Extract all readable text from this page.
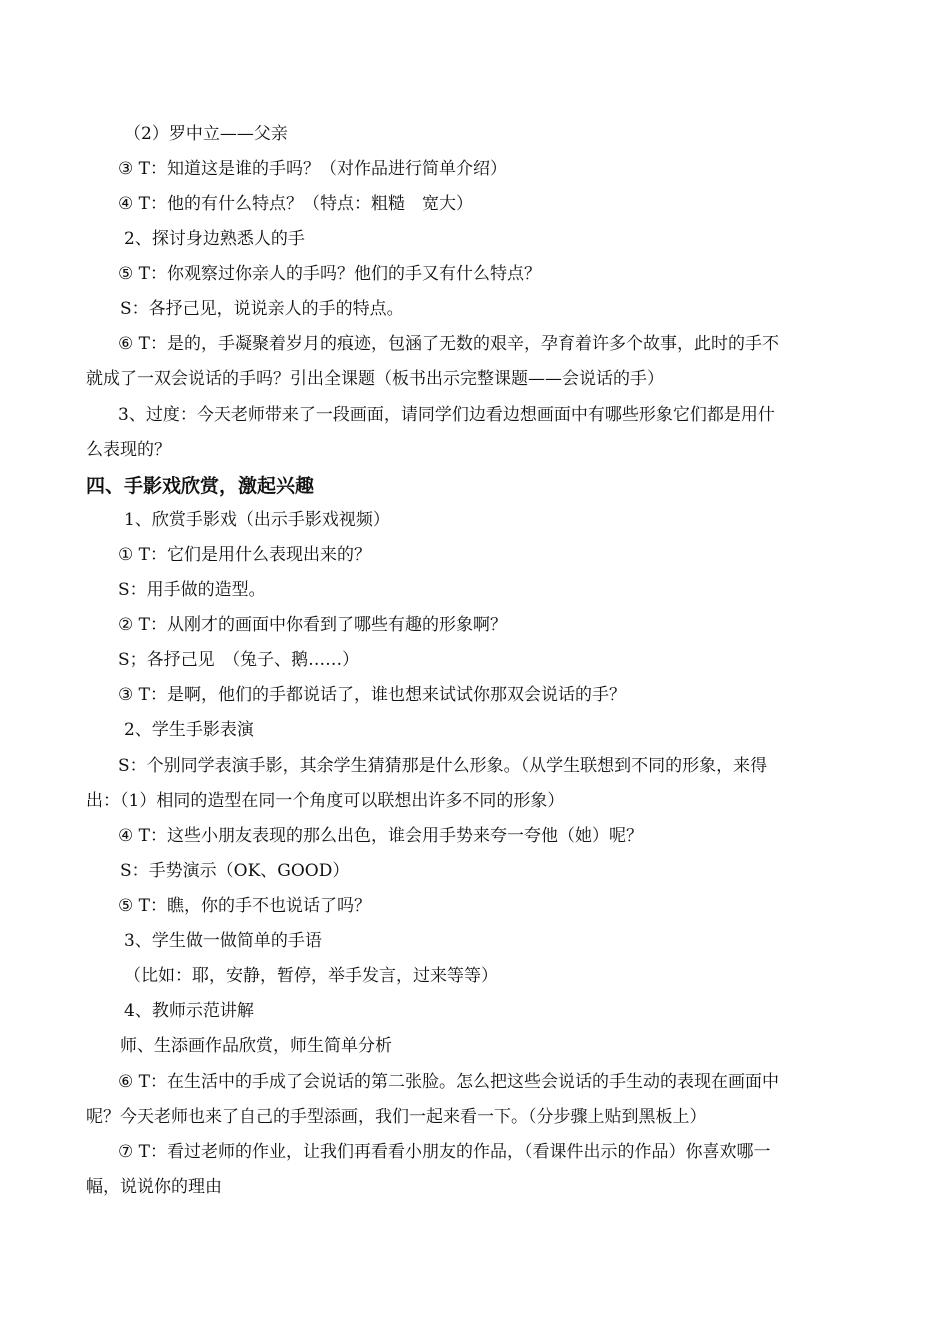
（2）罗中立——父亲
③ T：知道这是谁的手吗？（对作品进行简单介绍）
④ T：他的有什么特点？（特点：粗糙　宽大）
2、探讨身边熟悉人的手
⑤ T：你观察过你亲人的手吗？他们的手又有什么特点？
S：各抒己见，说说亲人的手的特点。
⑥ T：是的，手凝聚着岁月的痕迹，包涵了无数的艰辛，孕育着许多个故事，此时的手不
就成了一双会说话的手吗？引出全课题（板书出示完整课题——会说话的手）
3、过度：今天老师带来了一段画面，请同学们边看边想画面中有哪些形象它们都是用什
么表现的？
四、手影戏欣赏，激起兴趣
1、欣赏手影戏（出示手影戏视频）
① T：它们是用什么表现出来的？
S：用手做的造型。
② T：从刚才的画面中你看到了哪些有趣的形象啊？
S；各抒己见　（兔子、鹅……）
③ T：是啊，他们的手都说话了，谁也想来试试你那双会说话的手？
2、学生手影表演
S：个别同学表演手影，其余学生猜猜那是什么形象。（从学生联想到不同的形象，来得
出：（1）相同的造型在同一个角度可以联想出许多不同的形象）
④ T：这些小朋友表现的那么出色，谁会用手势来夸一夸他（她）呢？
S：手势演示（OK、GOOD）
⑤ T：瞧，你的手不也说话了吗？
3、学生做一做简单的手语
（比如：耶，安静，暂停，举手发言，过来等等）
4、教师示范讲解
师、生添画作品欣赏，师生简单分析
⑥ T：在生活中的手成了会说话的第二张脸。怎么把这些会说话的手生动的表现在画面中
呢？今天老师也来了自己的手型添画，我们一起来看一下。（分步骤上贴到黑板上）
⑦ T：看过老师的作业，让我们再看看小朋友的作品，（看课件出示的作品）你喜欢哪一
幅，说说你的理由
